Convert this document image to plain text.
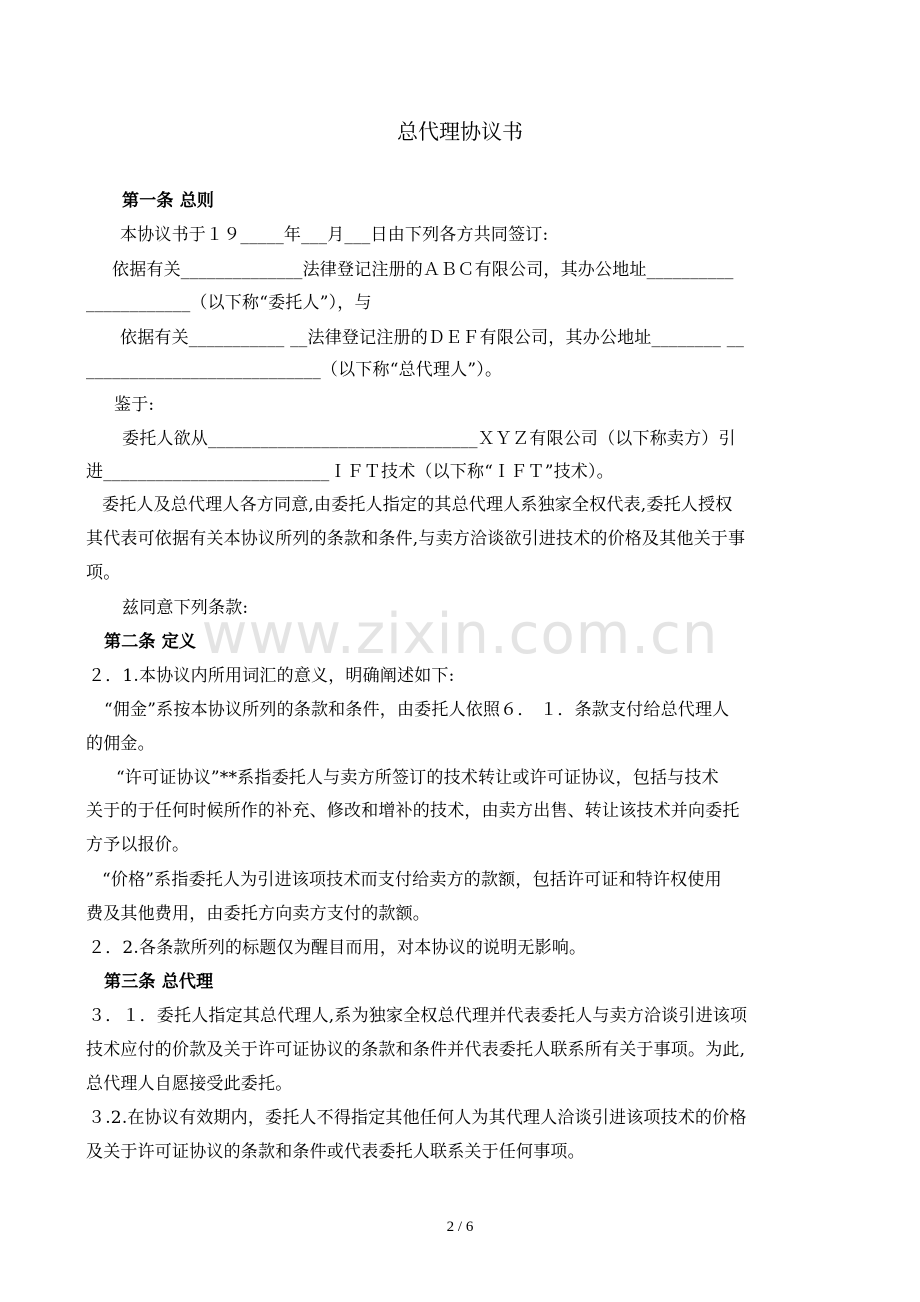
www.zixin.com.cn
总代理协议书
第一条 总则
本协议书于１９_____年___月___日由下列各方共同签订:
依据有关______________法律登记注册的ＡＢＣ有限公司，其办公地址__________
____________（以下称“委托人”），与
依据有关___________ __法律登记注册的ＤＥＦ有限公司，其办公地址________ __
___________________________（以下称“总代理人”）。
鉴于:
委托人欲从_______________________________ＸＹＺ有限公司（以下称卖方）引
进__________________________ＩＦＴ技术（以下称“ＩＦＴ”技术）。
委托人及总代理人各方同意,由委托人指定的其总代理人系独家全权代表,委托人授权
其代表可依据有关本协议所列的条款和条件,与卖方洽谈欲引进技术的价格及其他关于事
项。
兹同意下列条款:
第二条 定义
２．1.本协议内所用词汇的意义，明确阐述如下:
“佣金”系按本协议所列的条款和条件，由委托人依照６． １．条款支付给总代理人
的佣金。
“许可证协议”**系指委托人与卖方所签订的技术转让或许可证协议，包括与技术
关于的于任何时候所作的补充、修改和增补的技术，由卖方出售、转让该技术并向委托
方予以报价。
“价格”系指委托人为引进该项技术而支付给卖方的款额，包括许可证和特许权使用
费及其他费用，由委托方向卖方支付的款额。
２．2.各条款所列的标题仅为醒目而用，对本协议的说明无影响。
第三条 总代理
３．１．委托人指定其总代理人,系为独家全权总代理并代表委托人与卖方洽谈引进该项
技术应付的价款及关于许可证协议的条款和条件并代表委托人联系所有关于事项。为此,
总代理人自愿接受此委托。
３.2.在协议有效期内，委托人不得指定其他任何人为其代理人洽谈引进该项技术的价格
及关于许可证协议的条款和条件或代表委托人联系关于任何事项。
2 / 6
